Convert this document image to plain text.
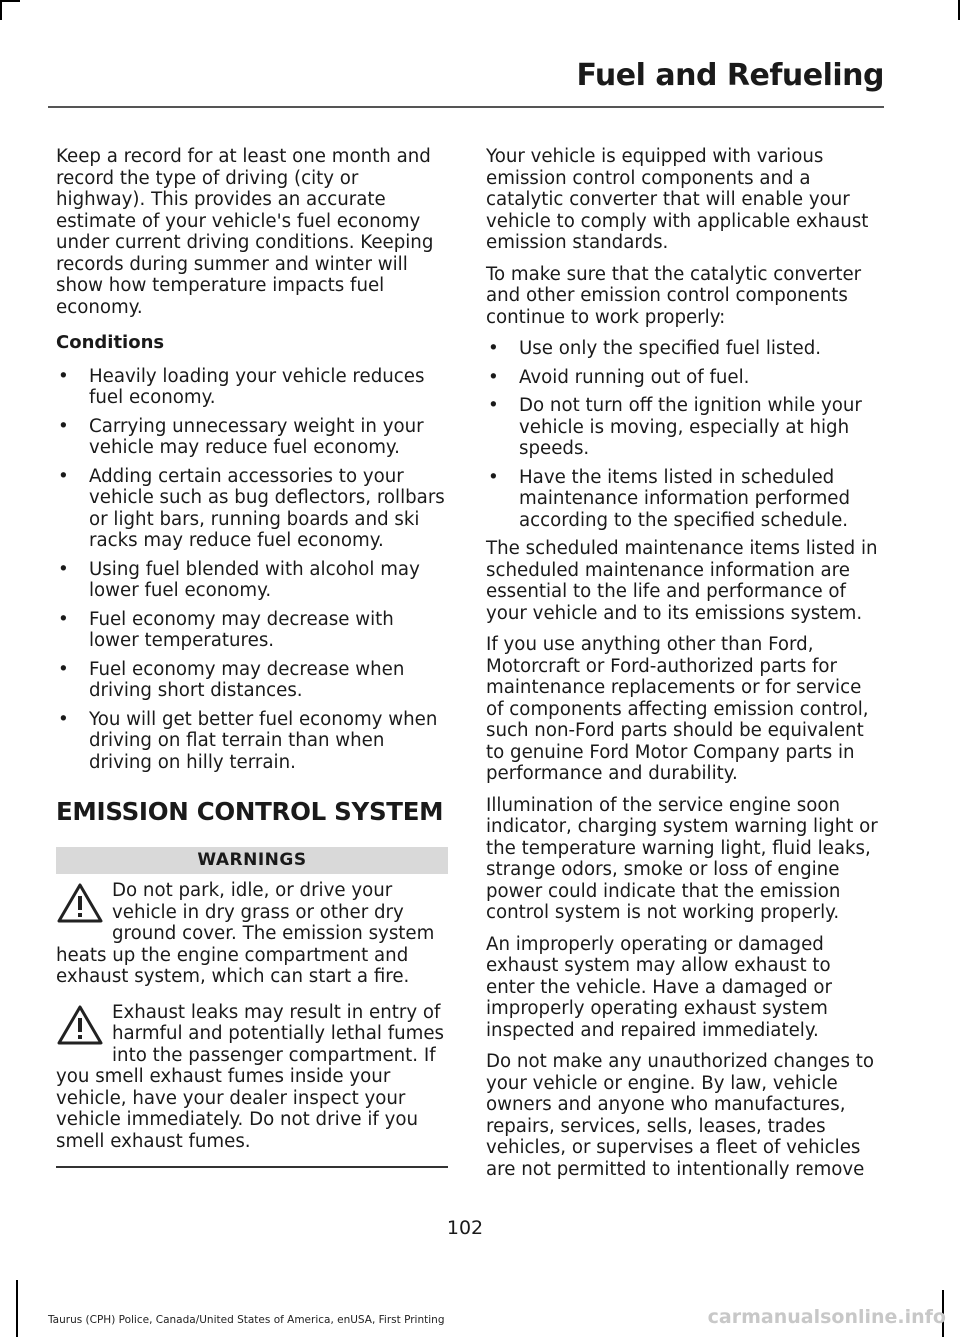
Fuel and Refueling

Keep a record for at least one month and record the type of driving (city or highway). This provides an accurate estimate of your vehicle's fuel economy under current driving conditions. Keeping records during summer and winter will show how temperature impacts fuel economy.

Conditions
• Heavily loading your vehicle reduces fuel economy.
• Carrying unnecessary weight in your vehicle may reduce fuel economy.
• Adding certain accessories to your vehicle such as bug deflectors, rollbars or light bars, running boards and ski racks may reduce fuel economy.
• Using fuel blended with alcohol may lower fuel economy.
• Fuel economy may decrease with lower temperatures.
• Fuel economy may decrease when driving short distances.
• You will get better fuel economy when driving on flat terrain than when driving on hilly terrain.
EMISSION CONTROL SYSTEM
WARNINGS
Do not park, idle, or drive your vehicle in dry grass or other dry ground cover. The emission system heats up the engine compartment and exhaust system, which can start a fire.
Exhaust leaks may result in entry of harmful and potentially lethal fumes into the passenger compartment. If you smell exhaust fumes inside your vehicle, have your dealer inspect your vehicle immediately. Do not drive if you smell exhaust fumes.

Your vehicle is equipped with various emission control components and a catalytic converter that will enable your vehicle to comply with applicable exhaust emission standards.

To make sure that the catalytic converter and other emission control components continue to work properly:

• Use only the specified fuel listed.
• Avoid running out of fuel.
• Do not turn off the ignition while your vehicle is moving, especially at high speeds.
• Have the items listed in scheduled maintenance information performed according to the specified schedule.

The scheduled maintenance items listed in scheduled maintenance information are essential to the life and performance of your vehicle and to its emissions system.

If you use anything other than Ford, Motorcraft or Ford-authorized parts for maintenance replacements or for service of components affecting emission control, such non-Ford parts should be equivalent to genuine Ford Motor Company parts in performance and durability.

Illumination of the service engine soon indicator, charging system warning light or the temperature warning light, fluid leaks, strange odors, smoke or loss of engine power could indicate that the emission control system is not working properly.

An improperly operating or damaged exhaust system may allow exhaust to enter the vehicle. Have a damaged or improperly operating exhaust system inspected and repaired immediately.

Do not make any unauthorized changes to your vehicle or engine. By law, vehicle owners and anyone who manufactures, repairs, services, sells, leases, trades vehicles, or supervises a fleet of vehicles are not permitted to intentionally remove

102
Taurus (CPH) Police, Canada/United States of America, enUSA, First Printing	carmanualsonline.info
